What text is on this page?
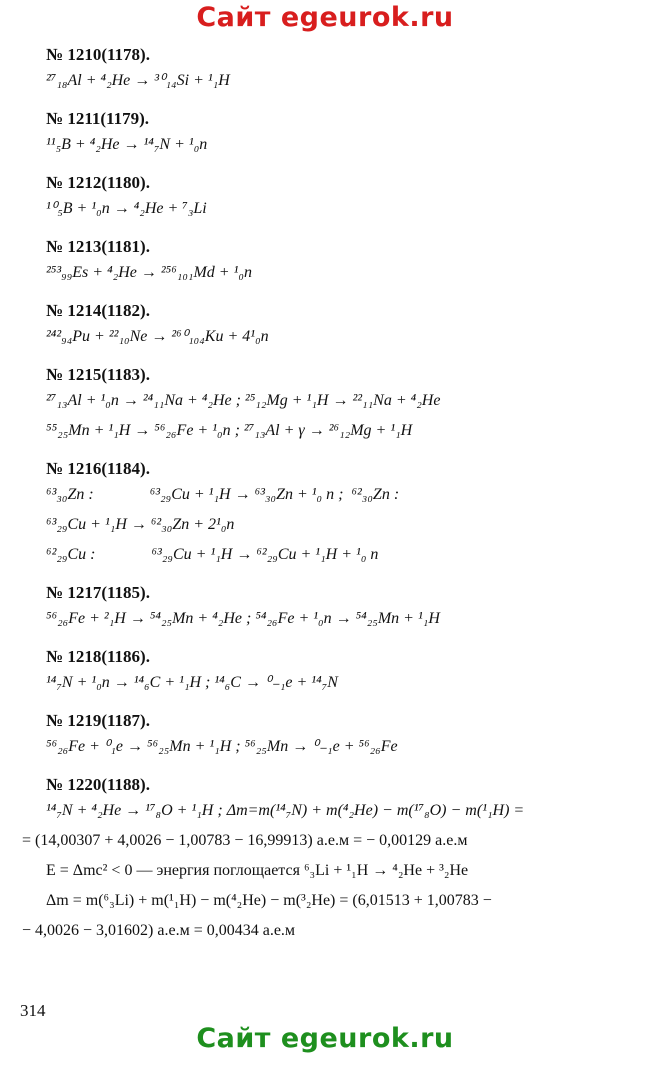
Сайт egeurok.ru
№ 1210(1178).
²⁷₁₈Al + ⁴₂He → ³⁰₁₄Si + ¹₁H
№ 1211(1179).
¹¹₅B + ⁴₂He → ¹⁴₇N + ¹₀n
№ 1212(1180).
¹⁰₅B + ¹₀n → ⁴₂He + ⁷₃Li
№ 1213(1181).
²⁵³₉₉Es + ⁴₂He → ²⁵⁶₁₀₁Md + ¹₀n
№ 1214(1182).
²⁴²₉₄Pu + ²²₁₀Ne → ²⁶⁰₁₀₄Ku + 4¹₀n
№ 1215(1183).
²⁷₁₃Al + ¹₀n → ²⁴₁₁Na + ⁴₂He ; ²⁵₁₂Mg + ¹₁H → ²²₁₁Na + ⁴₂He
⁵⁵₂₅Mn + ¹₁H → ⁵⁶₂₆Fe + ¹₀n ; ²⁷₁₃Al + γ → ²⁶₁₂Mg + ¹₁H
№ 1216(1184).
⁶³₃₀Zn :              ⁶³₂₉Cu + ¹₁H → ⁶³₃₀Zn + ¹₀ n ;  ⁶²₃₀Zn :
⁶³₂₉Cu + ¹₁H → ⁶²₃₀Zn + 2¹₀n
⁶²₂₉Cu :              ⁶³₂₉Cu + ¹₁H → ⁶²₂₉Cu + ¹₁H + ¹₀ n
№ 1217(1185).
⁵⁶₂₆Fe + ²₁H → ⁵⁴₂₅Mn + ⁴₂He ; ⁵⁴₂₆Fe + ¹₀n → ⁵⁴₂₅Mn + ¹₁H
№ 1218(1186).
¹⁴₇N + ¹₀n → ¹⁴₆C + ¹₁H ; ¹⁴₆C → ⁰₋₁e + ¹⁴₇N
№ 1219(1187).
⁵⁶₂₆Fe + ⁰₁e → ⁵⁶₂₅Mn + ¹₁H ; ⁵⁶₂₅Mn → ⁰₋₁e + ⁵⁶₂₆Fe
№ 1220(1188).
¹⁴₇N + ⁴₂He → ¹⁷₈O + ¹₁H ; Δm=m(¹⁴₇N) + m(⁴₂He) − m(¹⁷₈O) − m(¹₁H) =
= (14,00307 + 4,0026 − 1,00783 − 16,99913) а.е.м = − 0,00129 а.е.м
E = Δmc² < 0 — энергия поглощается ⁶₃Li + ¹₁H → ⁴₂He + ³₂He
Δm = m(⁶₃Li) + m(¹₁H) − m(⁴₂He) − m(³₂He) = (6,01513 + 1,00783 −
− 4,0026 − 3,01602) а.е.м = 0,00434 а.е.м
314
Сайт egeurok.ru
